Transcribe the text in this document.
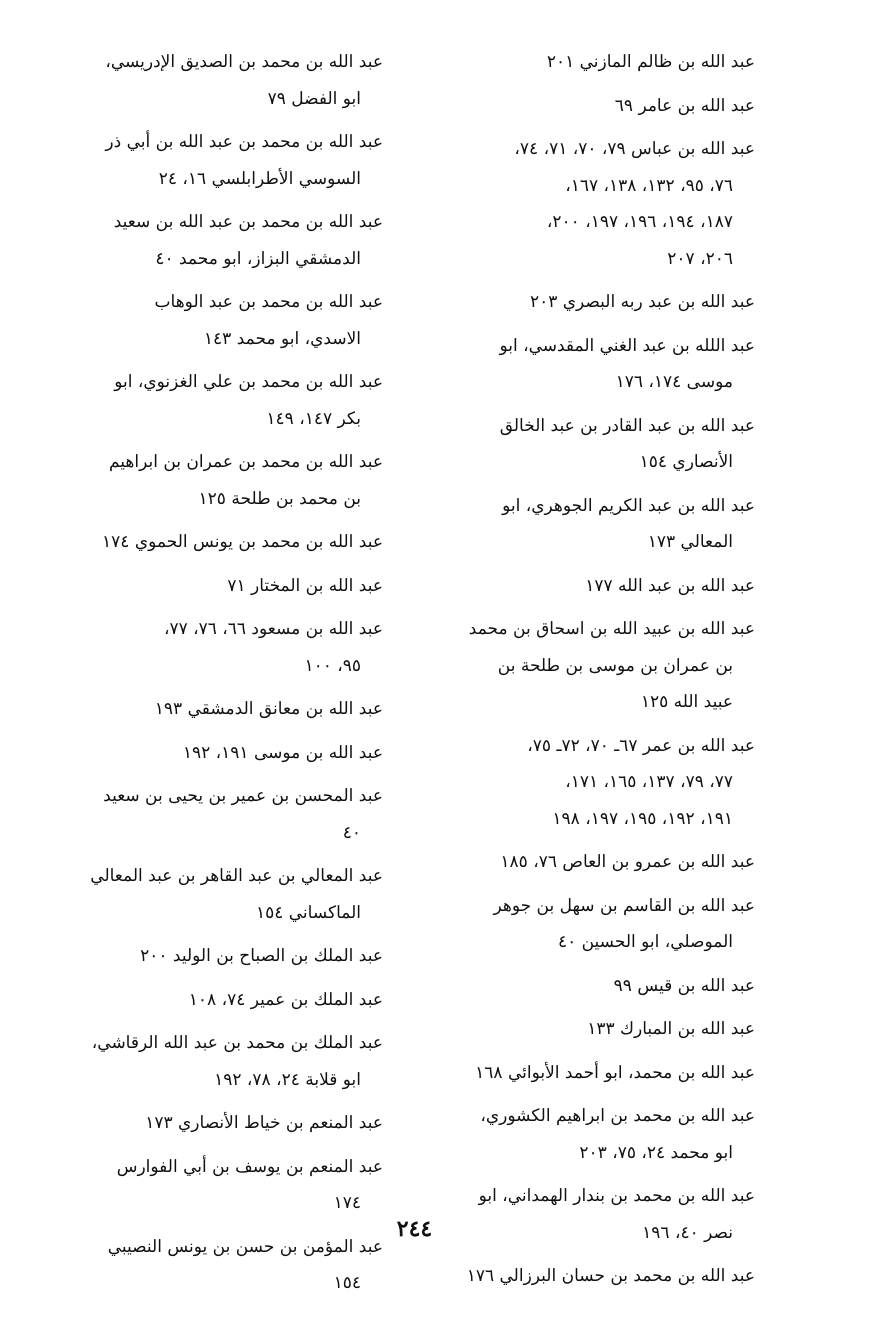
عبد الله بن ظالم المازني ٢٠١
عبد الله بن عامر ٦٩
عبد الله بن عباس ٧٩، ٧٠، ٧١، ٧٤،
٧٦، ٩٥، ١٣٢، ١٣٨، ١٦٧،
١٨٧، ١٩٤، ١٩٦، ١٩٧، ٢٠٠،
٢٠٦، ٢٠٧
عبد الله بن عبد ربه البصري ٢٠٣
عبد اللله بن عبد الغني المقدسي، ابو
موسى ١٧٤، ١٧٦
عبد الله بن عبد القادر بن عبد الخالق
الأنصاري ١٥٤
عبد الله بن عبد الكريم الجوهري، ابو
المعالي ١٧٣
عبد الله بن عبد الله ١٧٧
عبد الله بن عبيد الله بن اسحاق بن محمد
بن عمران بن موسى بن طلحة بن
عبيد الله ١٢٥
عبد الله بن عمر ٦٧ـ ٧٠، ٧٢ـ ٧٥،
٧٧، ٧٩، ١٣٧، ١٦٥، ١٧١،
١٩١، ١٩٢، ١٩٥، ١٩٧، ١٩٨
عبد الله بن عمرو بن العاص ٧٦، ١٨٥
عبد الله بن القاسم بن سهل بن جوهر
الموصلي، ابو الحسين ٤٠
عبد الله بن قيس ٩٩
عبد الله بن المبارك ١٣٣
عبد الله بن محمد، ابو أحمد الأبوائي ١٦٨
عبد الله بن محمد بن ابراهيم الكشوري،
ابو محمد ٢٤، ٧٥، ٢٠٣
عبد الله بن محمد بن بندار الهمداني، ابو
نصر ٤٠، ١٩٦
عبد الله بن محمد بن حسان البرزالي ١٧٦
عبد الله بن محمد بن الصديق الإدريسي،
ابو الفضل ٧٩
عبد الله بن محمد بن عبد الله بن أبي ذر
السوسي الأطرابلسي ١٦، ٢٤
عبد الله بن محمد بن عبد الله بن سعيد
الدمشقي البزاز، ابو محمد ٤٠
عبد الله بن محمد بن عبد الوهاب
الاسدي، ابو محمد ١٤٣
عبد الله بن محمد بن علي الغزنوي، ابو
بكر ١٤٧، ١٤٩
عبد الله بن محمد بن عمران بن ابراهيم
بن محمد بن طلحة ١٢٥
عبد الله بن محمد بن يونس الحموي ١٧٤
عبد الله بن المختار ٧١
عبد الله بن مسعود ٦٦، ٧٦، ٧٧،
٩٥، ١٠٠
عبد الله بن معانق الدمشقي ١٩٣
عبد الله بن موسى ١٩١، ١٩٢
عبد المحسن بن عمير بن يحيى بن سعيد
٤٠
عبد المعالي بن عبد القاهر بن عبد المعالي
الماكساني ١٥٤
عبد الملك بن الصباح بن الوليد ٢٠٠
عبد الملك بن عمير ٧٤، ١٠٨
عبد الملك بن محمد بن عبد الله الرقاشي،
ابو قلابة ٢٤، ٧٨، ١٩٢
عبد المنعم بن خياط الأنصاري ١٧٣
عبد المنعم بن يوسف بن أبي الفوارس
١٧٤
عبد المؤمن بن حسن بن يونس النصيبي
١٥٤
٢٤٤
